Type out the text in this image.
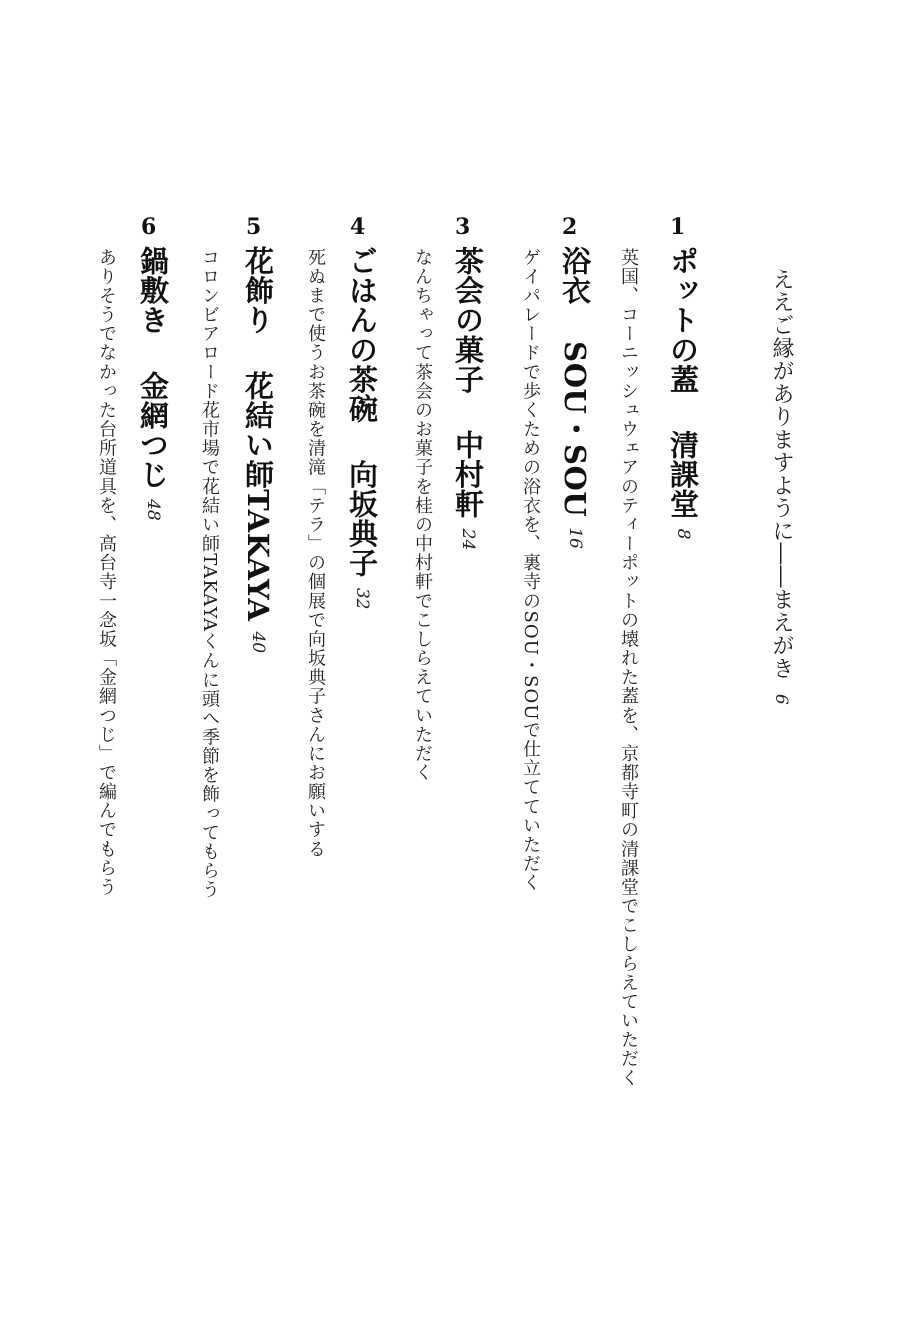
ええご縁がありますように――まえがき6
1
ポットの蓋清課堂8
英国、コーニッシュウェアのティーポットの壊れた蓋を、京都寺町の清課堂でこしらえていただく
2
浴衣SOU・SOU16
ゲイパレードで歩くための浴衣を、裏寺のSOU・SOUで仕立てていただく
3
茶会の菓子中村軒24
なんちゃって茶会のお菓子を桂の中村軒でこしらえていただく
4
ごはんの茶碗向坂典子32
死ぬまで使うお茶碗を清滝「テラ」の個展で向坂典子さんにお願いする
5
花飾り花結い師TAKAYA40
コロンビアロード花市場で花結い師TAKAYAくんに頭へ季節を飾ってもらう
6
鍋敷き金網つじ48
ありそうでなかった台所道具を、高台寺一念坂「金網つじ」で編んでもらう
